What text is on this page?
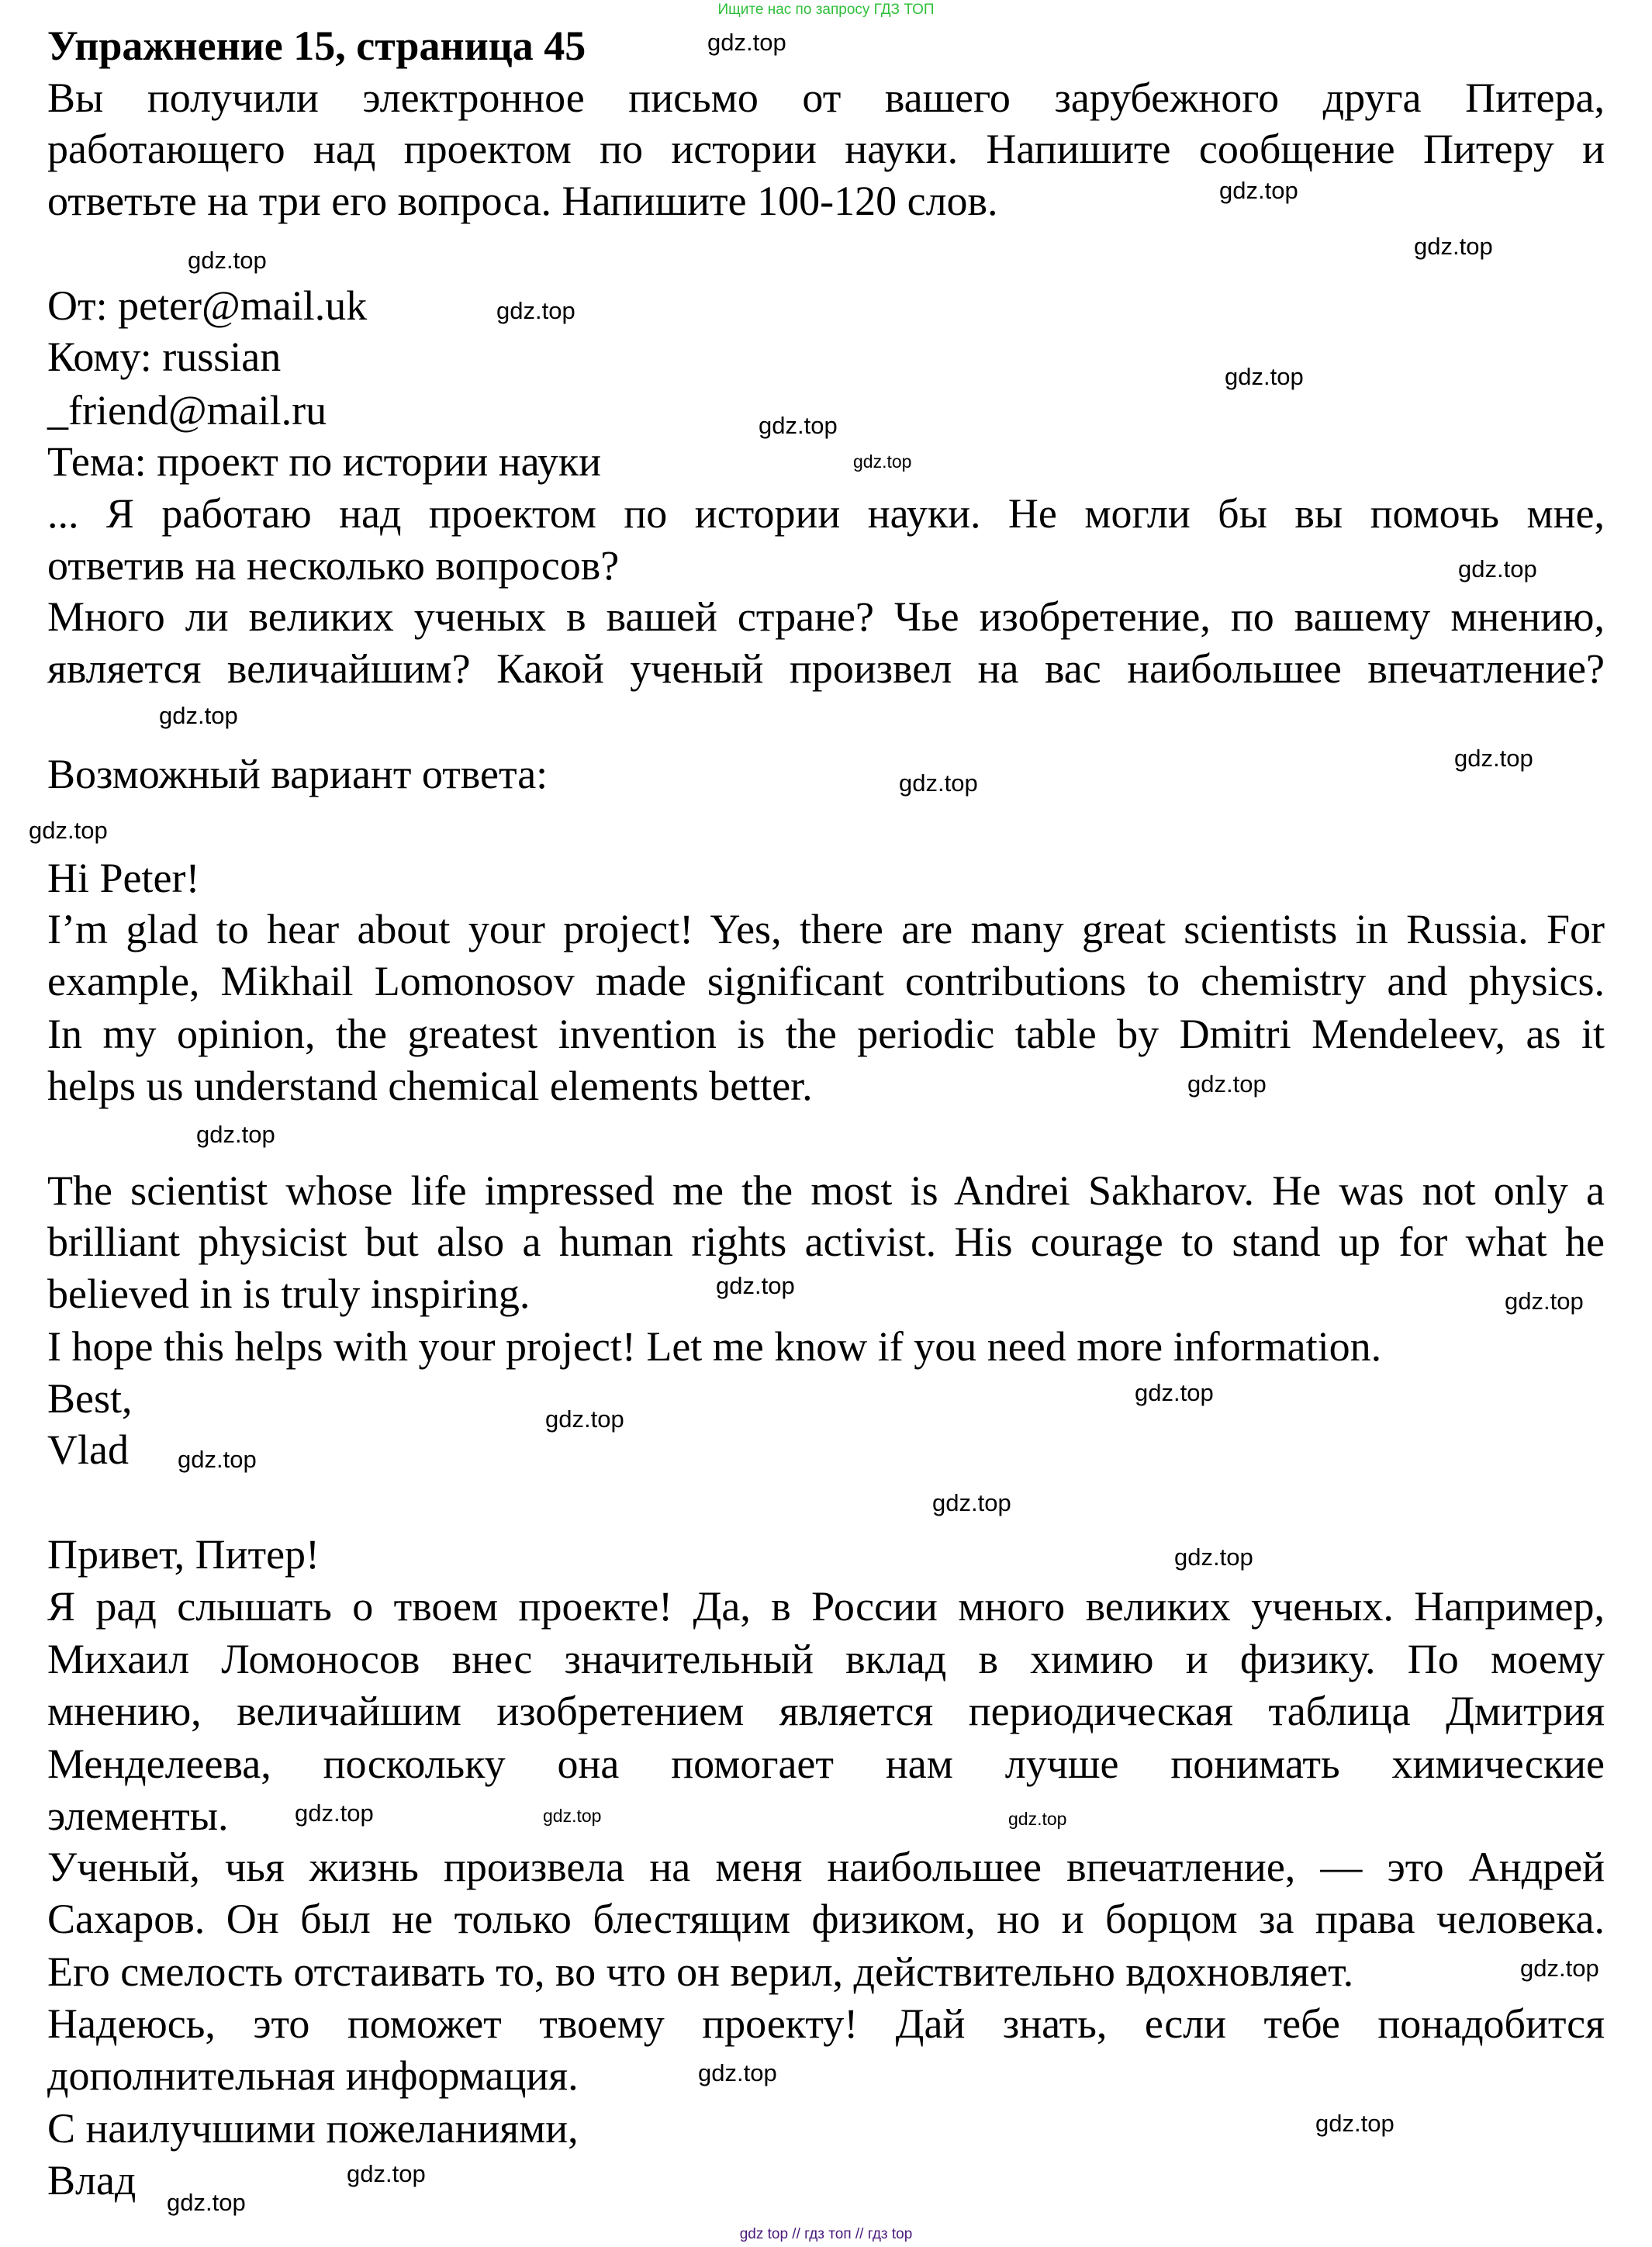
Ищите нас по запросу ГДЗ ТОП
Упражнение 15, страница 45
Вы получили электронное письмо от вашего зарубежного друга Питера,
работающего над проектом по истории науки. Напишите сообщение Питеру и
ответьте на три его вопроса. Напишите 100-120 слов.
От: peter@mail.uk
Кому: russian
_friend@mail.ru
Тема: проект по истории науки
... Я работаю над проектом по истории науки. Не могли бы вы помочь мне,
ответив на несколько вопросов?
Много ли великих ученых в вашей стране? Чье изобретение, по вашему мнению,
является величайшим? Какой ученый произвел на вас наибольшее впечатление?
Возможный вариант ответа:
Hi Peter!
I’m glad to hear about your project! Yes, there are many great scientists in Russia. For
example, Mikhail Lomonosov made significant contributions to chemistry and physics.
In my opinion, the greatest invention is the periodic table by Dmitri Mendeleev, as it
helps us understand chemical elements better.
The scientist whose life impressed me the most is Andrei Sakharov. He was not only a
brilliant physicist but also a human rights activist. His courage to stand up for what he
believed in is truly inspiring.
I hope this helps with your project! Let me know if you need more information.
Best,
Vlad
Привет, Питер!
Я рад слышать о твоем проекте! Да, в России много великих ученых. Например,
Михаил Ломоносов внес значительный вклад в химию и физику. По моему
мнению, величайшим изобретением является периодическая таблица Дмитрия
Менделеева, поскольку она помогает нам лучше понимать химические
элементы.
Ученый, чья жизнь произвела на меня наибольшее впечатление, — это Андрей
Сахаров. Он был не только блестящим физиком, но и борцом за права человека.
Его смелость отстаивать то, во что он верил, действительно вдохновляет.
Надеюсь, это поможет твоему проекту! Дай знать, если тебе понадобится
дополнительная информация.
С наилучшими пожеланиями,
Влад
gdz.top
gdz.top
gdz.top
gdz.top
gdz.top
gdz.top
gdz.top
gdz.top
gdz.top
gdz.top
gdz.top
gdz.top
gdz.top
gdz.top
gdz.top
gdz.top
gdz.top
gdz.top
gdz.top
gdz.top
gdz.top
gdz.top
gdz.top
gdz.top	gdz.top
gdz.top
gdz.top
gdz.top
gdz.top
gdz.top
gdz top // гдз топ // гдз top
